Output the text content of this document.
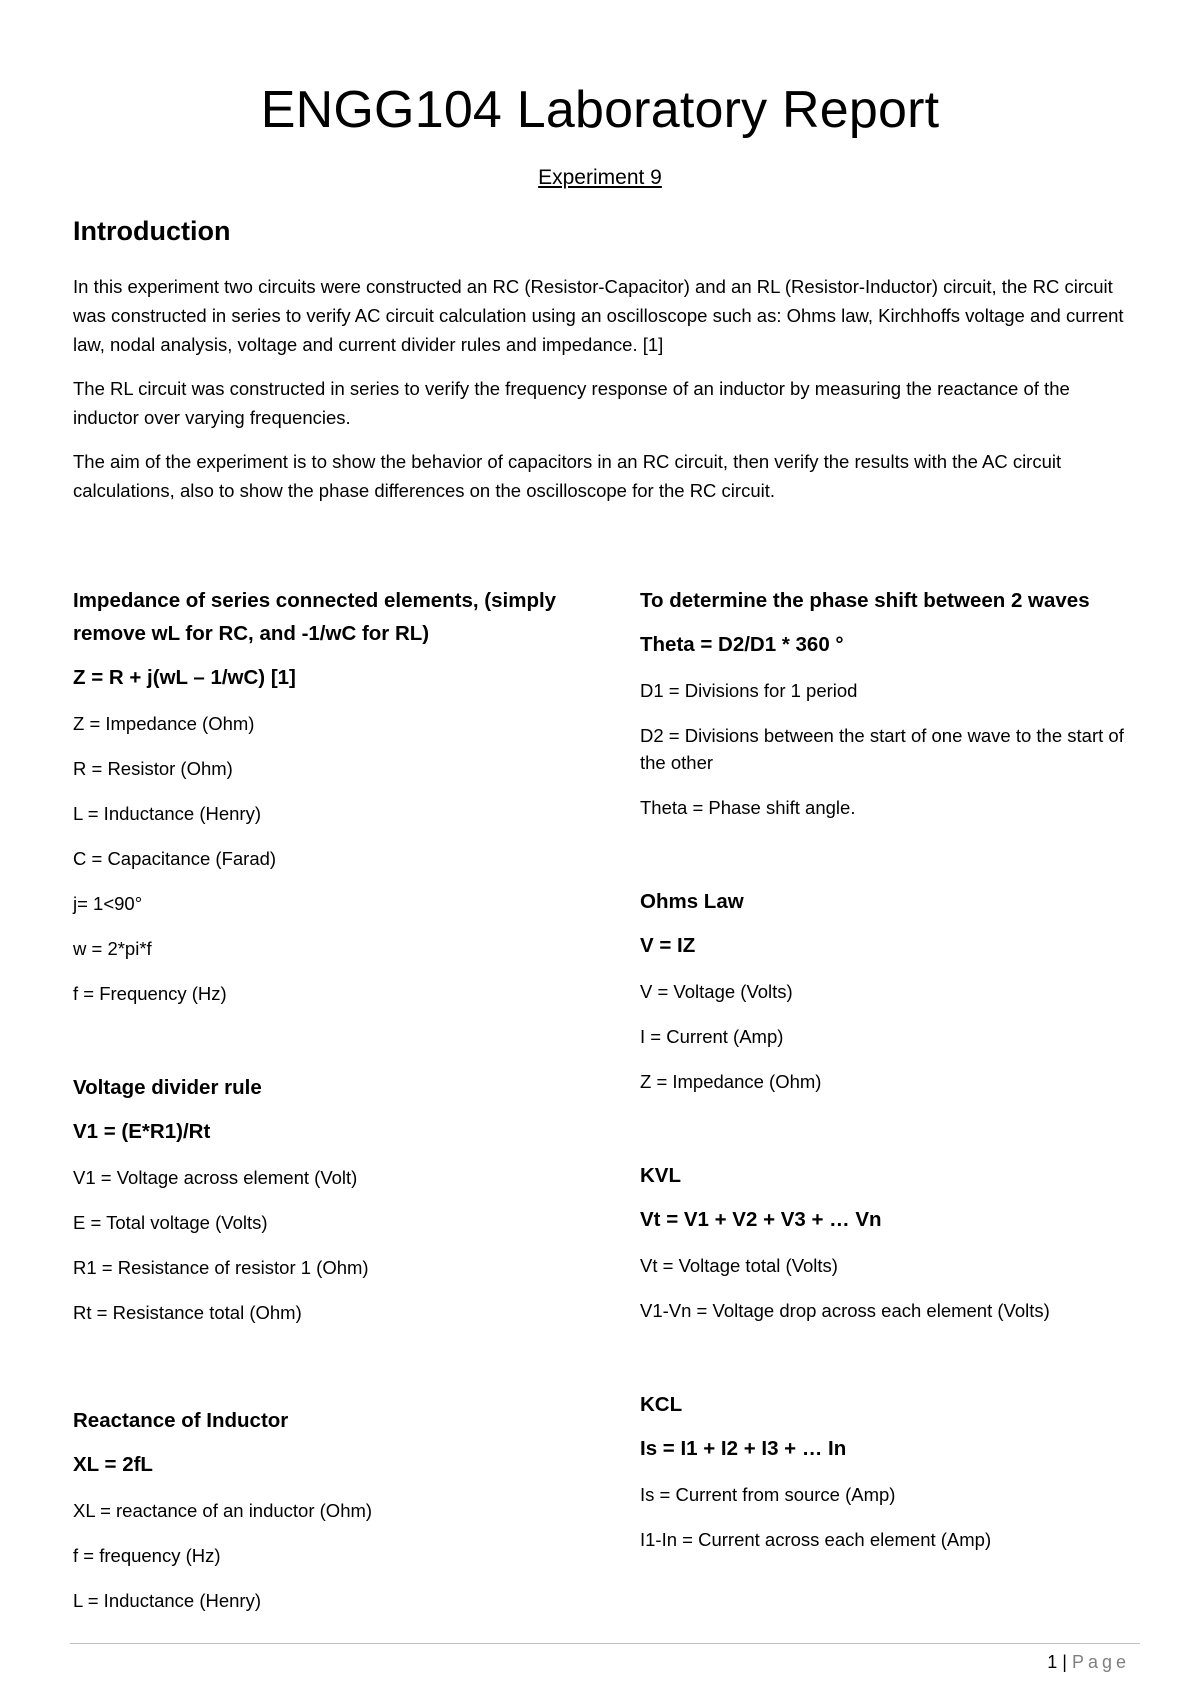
ENGG104 Laboratory Report
Experiment 9
Introduction

In this experiment two circuits were constructed an RC (Resistor-Capacitor) and an RL (Resistor-Inductor) circuit, the RC circuit was constructed in series to verify AC circuit calculation using an oscilloscope such as: Ohms law, Kirchhoffs voltage and current law, nodal analysis, voltage and current divider rules and impedance. [1]

The RL circuit was constructed in series to verify the frequency response of an inductor by measuring the reactance of the inductor over varying frequencies.

The aim of the experiment is to show the behavior of capacitors in an RC circuit, then verify the results with the AC circuit calculations, also to show the phase differences on the oscilloscope for the RC circuit.

Impedance of series connected elements, (simply remove wL for RC, and -1/wC for RL)
Z = R + j(wL – 1/wC) [1]
Z = Impedance (Ohm)
R = Resistor (Ohm)
L = Inductance (Henry)
C = Capacitance (Farad)
j= 1<90°
w = 2*pi*f
f = Frequency (Hz)
Voltage divider rule
V1 = (E*R1)/Rt
V1 = Voltage across element (Volt)
E = Total voltage (Volts)
R1 = Resistance of resistor 1 (Ohm)
Rt = Resistance total (Ohm)
Reactance of Inductor
XL = 2fL
XL = reactance of an inductor (Ohm)
f = frequency (Hz)
L = Inductance (Henry)
To determine the phase shift between 2 waves
Theta = D2/D1 * 360 °
D1 = Divisions for 1 period
D2 = Divisions between the start of one wave to the start of the other
Theta = Phase shift angle.
Ohms Law
V = IZ
V = Voltage (Volts)
I = Current (Amp)
Z = Impedance (Ohm)
KVL
Vt = V1 + V2 + V3 + … Vn
Vt = Voltage total (Volts)
V1-Vn = Voltage drop across each element (Volts)
KCL
Is = I1 + I2 + I3 + … In
Is = Current from source (Amp)
I1-In = Current across each element (Amp)
1 | Page
